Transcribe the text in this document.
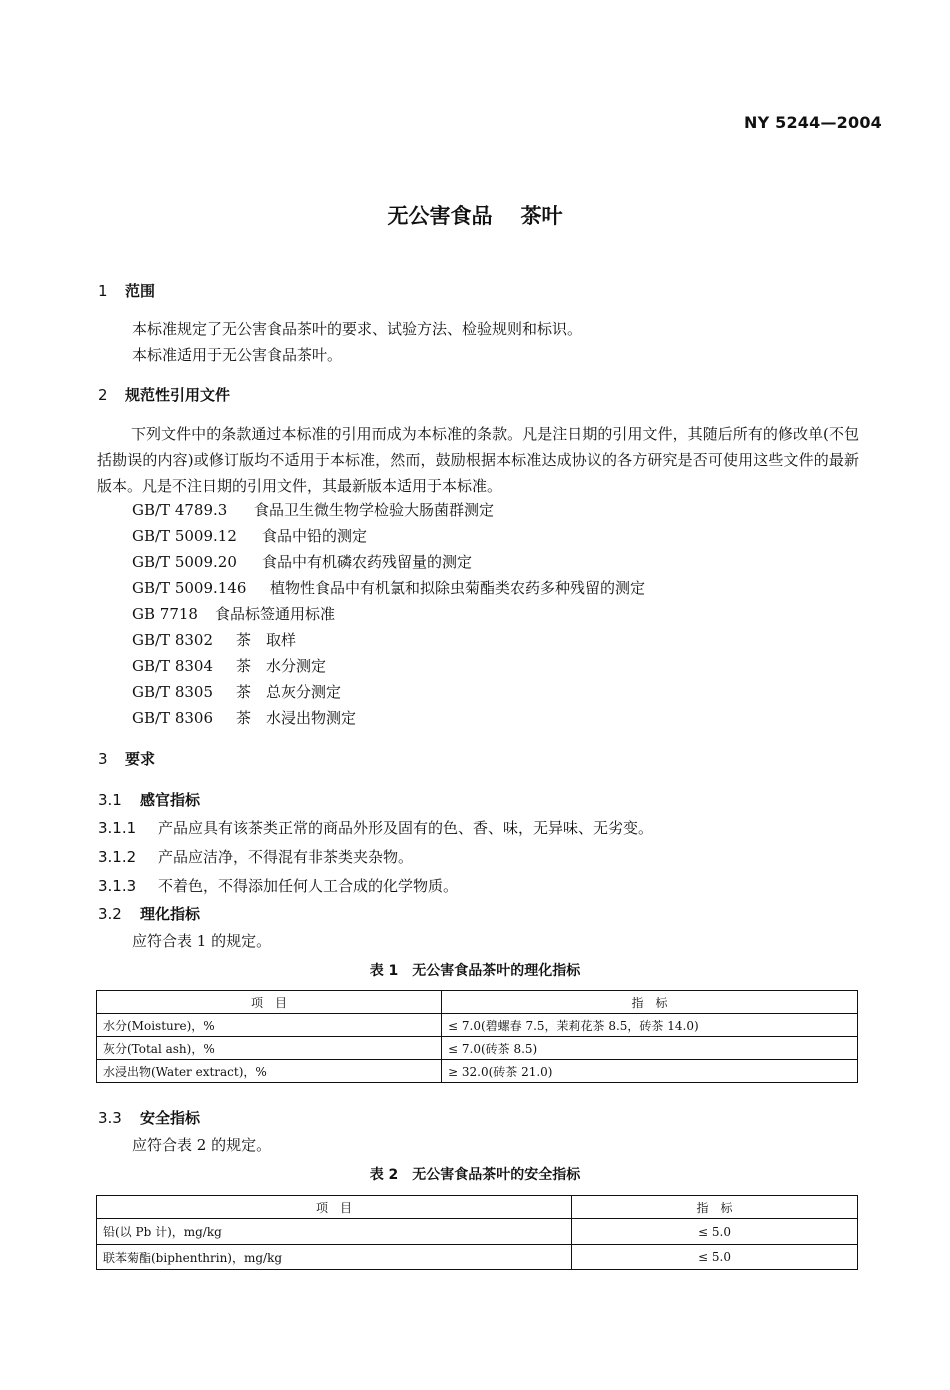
NY 5244—2004
无公害食品 茶叶
1 范围
本标准规定了无公害食品茶叶的要求、试验方法、检验规则和标识。
本标准适用于无公害食品茶叶。
2 规范性引用文件
下列文件中的条款通过本标准的引用而成为本标准的条款。凡是注日期的引用文件，其随后所有的修改单(不包括勘误的内容)或修订版均不适用于本标准，然而，鼓励根据本标准达成协议的各方研究是否可使用这些文件的最新版本。凡是不注日期的引用文件，其最新版本适用于本标准。
GB/T 4789.3 食品卫生微生物学检验大肠菌群测定
GB/T 5009.12 食品中铅的测定
GB/T 5009.20 食品中有机磷农药残留量的测定
GB/T 5009.146 植物性食品中有机氯和拟除虫菊酯类农药多种残留的测定
GB 7718 食品标签通用标准
GB/T 8302 茶　取样
GB/T 8304 茶　水分测定
GB/T 8305 茶　总灰分测定
GB/T 8306 茶　水浸出物测定
3 要求
3.1 感官指标
3.1.1 产品应具有该茶类正常的商品外形及固有的色、香、味，无异味、无劣变。
3.1.2 产品应洁净，不得混有非茶类夹杂物。
3.1.3 不着色，不得添加任何人工合成的化学物质。
3.2 理化指标
应符合表 1 的规定。
表 1　无公害食品茶叶的理化指标
项　目	指　标
水分(Moisture)，%	≤ 7.0(碧螺春 7.5，茉莉花茶 8.5，砖茶 14.0)
灰分(Total ash)，%	≤ 7.0(砖茶 8.5)
水浸出物(Water extract)，%	≥ 32.0(砖茶 21.0)
3.3 安全指标
应符合表 2 的规定。
表 2　无公害食品茶叶的安全指标
项　目	指　标
铅(以 Pb 计)，mg/kg	≤ 5.0
联苯菊酯(biphenthrin)，mg/kg	≤ 5.0
